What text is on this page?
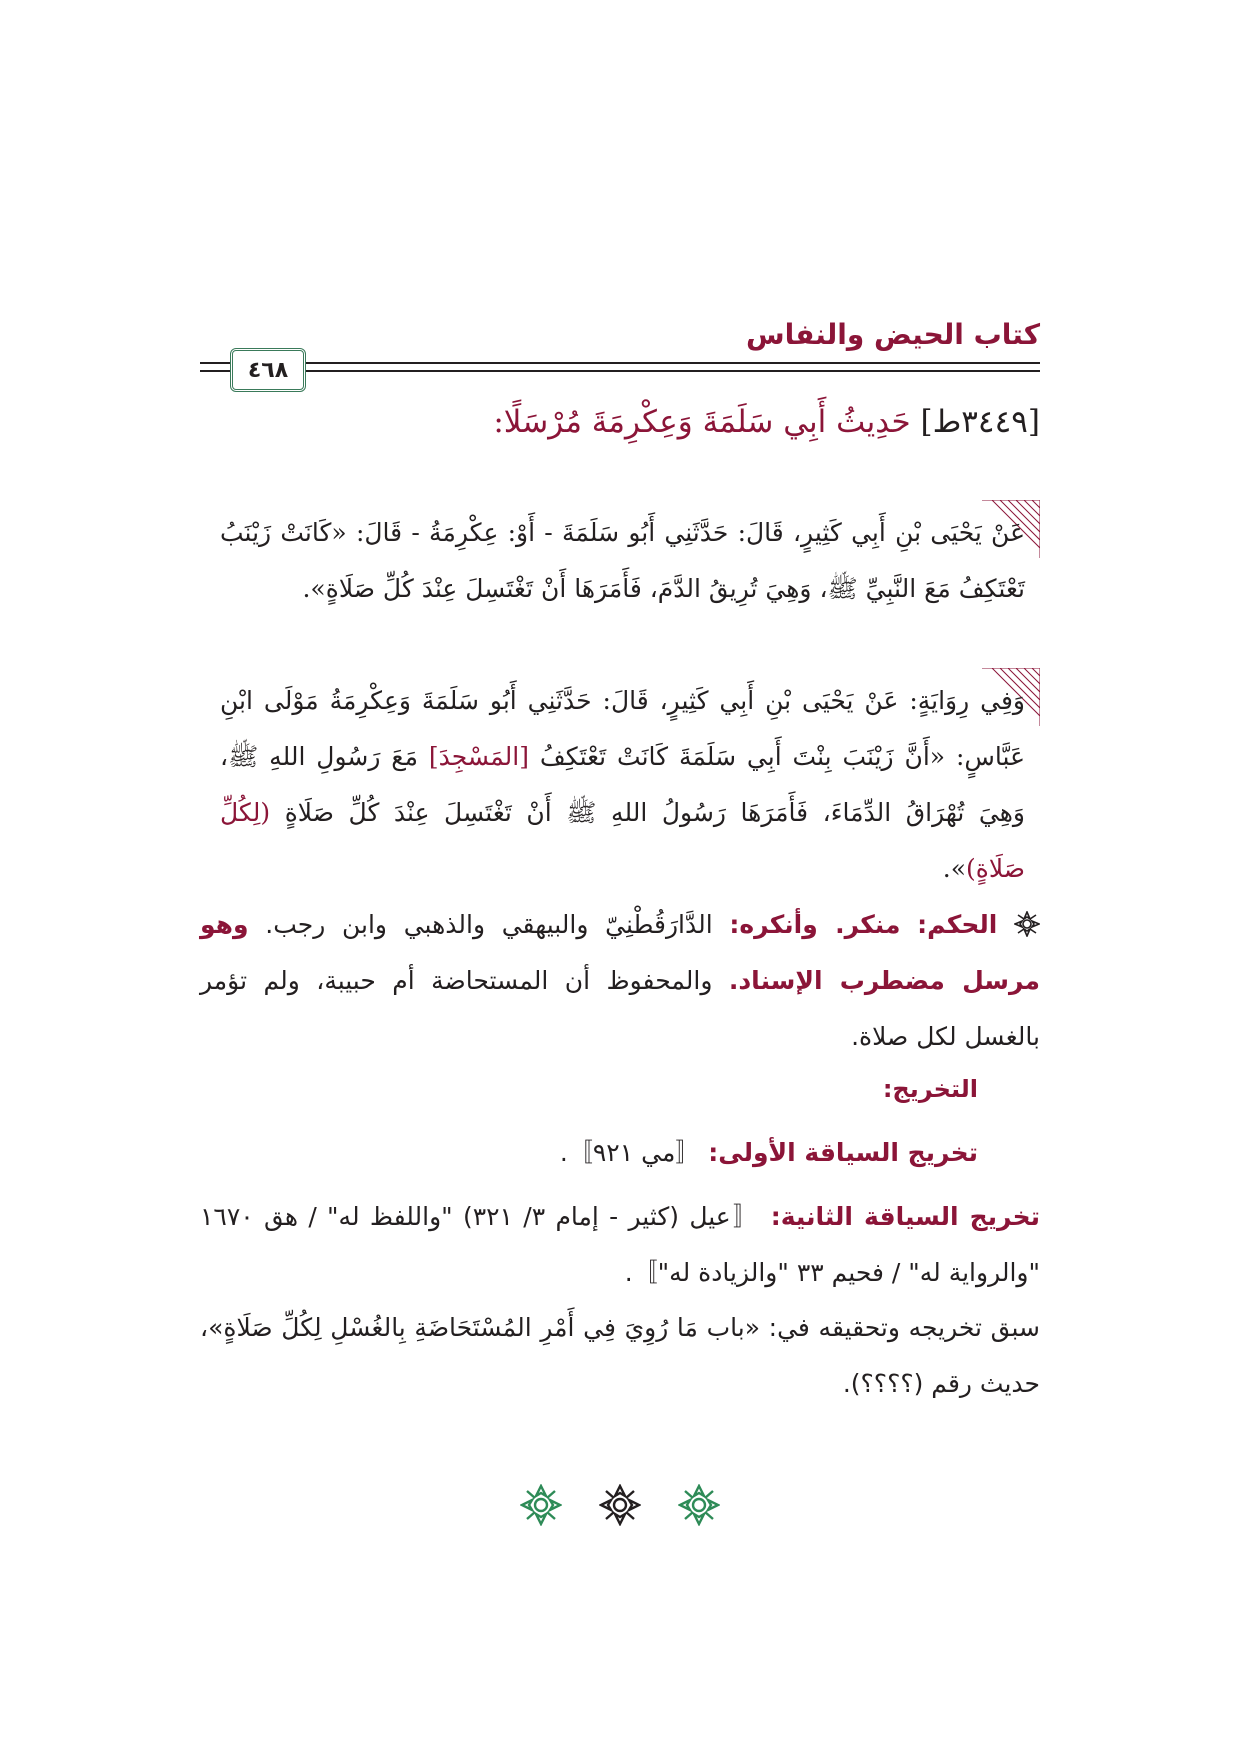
كتاب الحيض والنفاس
٤٦٨
[٣٤٤٩ط] حَدِيثُ أَبِي سَلَمَةَ وَعِكْرِمَةَ مُرْسَلًا:
عَنْ يَحْيَى بْنِ أَبِي كَثِيرٍ، قَالَ: حَدَّثَنِي أَبُو سَلَمَةَ - أَوْ: عِكْرِمَةُ - قَالَ: «كَانَتْ زَيْنَبُ تَعْتَكِفُ مَعَ النَّبِيِّ ﷺ، وَهِيَ تُرِيقُ الدَّمَ، فَأَمَرَهَا أَنْ تَغْتَسِلَ عِنْدَ كُلِّ صَلَاةٍ».
وَفِي رِوَايَةٍ: عَنْ يَحْيَى بْنِ أَبِي كَثِيرٍ، قَالَ: حَدَّثَنِي أَبُو سَلَمَةَ وَعِكْرِمَةُ مَوْلَى ابْنِ عَبَّاسٍ: «أَنَّ زَيْنَبَ بِنْتَ أَبِي سَلَمَةَ كَانَتْ تَعْتَكِفُ [المَسْجِدَ] مَعَ رَسُولِ اللهِ ﷺ، وَهِيَ تُهْرَاقُ الدِّمَاءَ، فَأَمَرَهَا رَسُولُ اللهِ ﷺ أَنْ تَغْتَسِلَ عِنْدَ كُلِّ صَلَاةٍ (لِكُلِّ صَلَاةٍ)».
الحكم: منكر. وأنكره: الدَّارَقُطْنِيّ والبيهقي والذهبي وابن رجب. وهو مرسل مضطرب الإسناد. والمحفوظ أن المستحاضة أم حبيبة، ولم تؤمر بالغسل لكل صلاة.
التخريج:
تخريج السياقة الأولى: 〚مي ٩٢١〛.
تخريج السياقة الثانية: 〚عيل (كثير - إمام ٣/ ٣٢١) "واللفظ له" / هق ١٦٧٠ "والرواية له" / فحيم ٣٣ "والزيادة له"〛.
سبق تخريجه وتحقيقه في: «باب مَا رُوِيَ فِي أَمْرِ المُسْتَحَاضَةِ بِالغُسْلِ لِكُلِّ صَلَاةٍ»، حديث رقم (؟؟؟؟).
